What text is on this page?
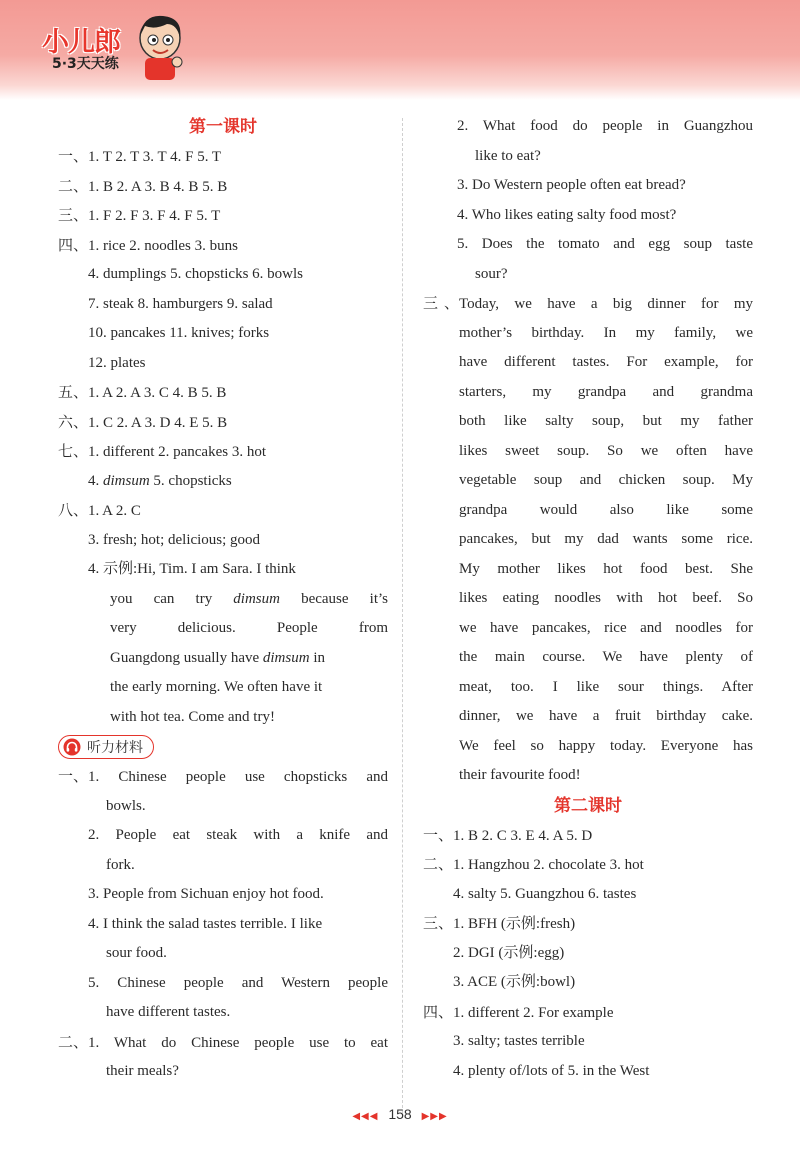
小儿郎

5·3天天练

第一课时

一、1. T 2. T 3. T 4. F 5. T

二、1. B 2. A 3. B 4. B 5. B

三、1. F 2. F 3. F 4. F 5. T

四、1. rice 2. noodles 3. buns

4. dumplings 5. chopsticks 6. bowls

7. steak 8. hamburgers 9. salad

10. pancakes 11. knives; forks

12. plates

五、1. A 2. A 3. C 4. B 5. B

六、1. C 2. A 3. D 4. E 5. B

七、1. different 2. pancakes 3. hot

4. dimsum 5. chopsticks

八、1. A 2. C

3. fresh; hot; delicious; good

4. 示例:Hi, Tim. I am Sara. I think

you can try dimsum because it’s

very delicious. People from

Guangdong usually have dimsum in

the early morning. We often have it

with hot tea. Come and try!

听力材料

一、1. Chinese people use chopsticks and

bowls.

2. People eat steak with a knife and

fork.

3. People from Sichuan enjoy hot food.

4. I think the salad tastes terrible. I like

sour food.

5. Chinese people and Western people

have different tastes.

二、1. What do Chinese people use to eat

their meals?

2. What food do people in Guangzhou

like to eat?

3. Do Western people often eat bread?

4. Who likes eating salty food most?

5. Does the tomato and egg soup taste

sour?

三、Today, we have a big dinner for my

mother’s birthday. In my family, we

have different tastes. For example, for

starters, my grandpa and grandma

both like salty soup, but my father

likes sweet soup. So we often have

vegetable soup and chicken soup. My

grandpa would also like some

pancakes, but my dad wants some rice.

My mother likes hot food best. She

likes eating noodles with hot beef. So

we have pancakes, rice and noodles for

the main course. We have plenty of

meat, too. I like sour things. After

dinner, we have a fruit birthday cake.

We feel so happy today. Everyone has

their favourite food!

第二课时

一、1. B 2. C 3. E 4. A 5. D

二、1. Hangzhou 2. chocolate 3. hot

4. salty 5. Guangzhou 6. tastes

三、1. BFH (示例:fresh)

2. DGI (示例:egg)

3. ACE (示例:bowl)

四、1. different 2. For example

3. salty; tastes terrible

4. plenty of/lots of 5. in the West

◀◀◀ 158 ▶▶▶
